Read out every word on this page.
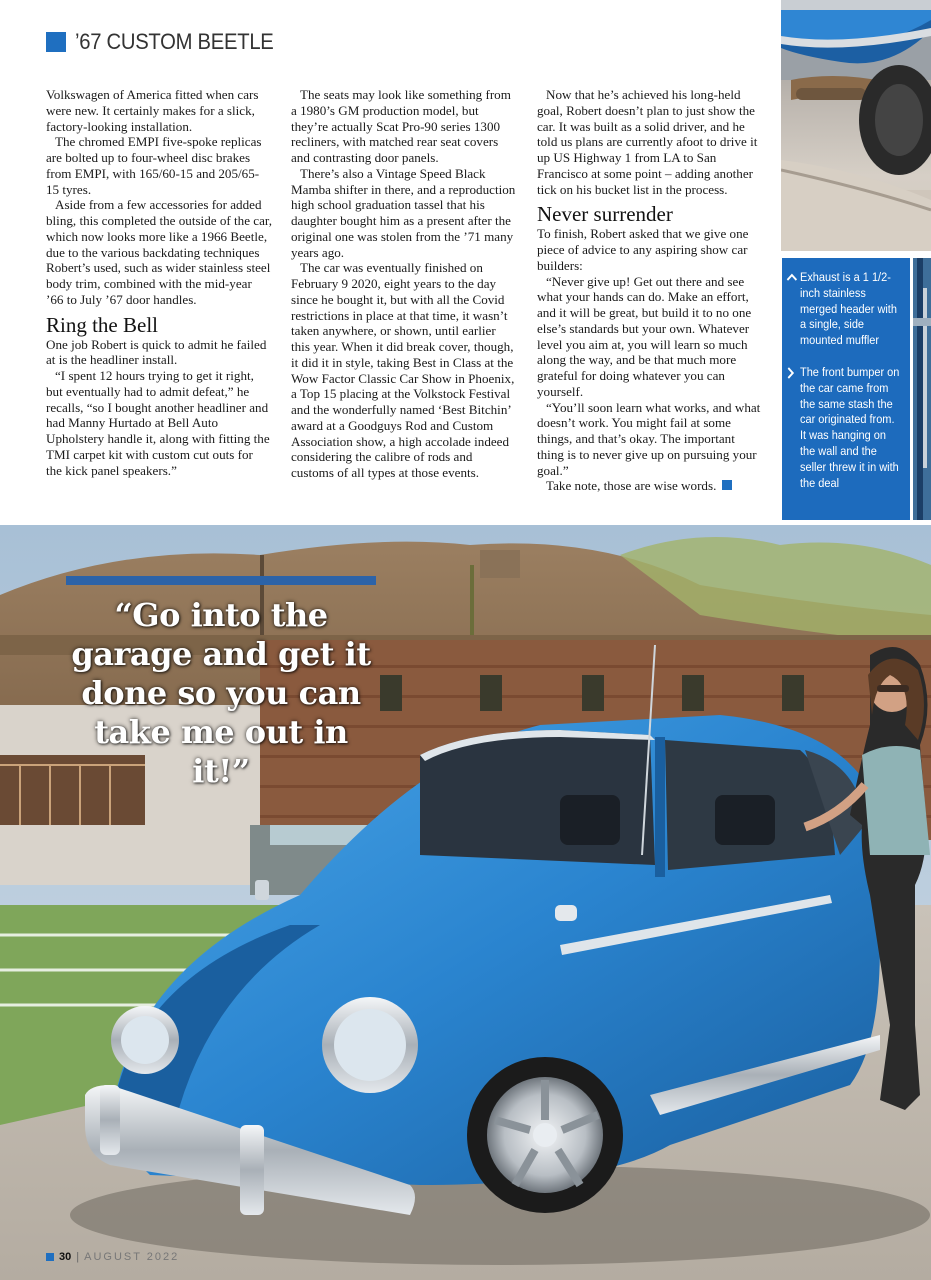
’67 CUSTOM BEETLE

Volkswagen of America fitted when cars were new. It certainly makes for a slick, factory-looking installation.

The chromed EMPI five-spoke replicas are bolted up to four-wheel disc brakes from EMPI, with 165/60-15 and 205/65-15 tyres.

Aside from a few accessories for added bling, this completed the outside of the car, which now looks more like a 1966 Beetle, due to the various backdating techniques Robert’s used, such as wider stainless steel body trim, combined with the mid-year ’66 to July ’67 door handles.

Ring the Bell

One job Robert is quick to admit he failed at is the headliner install.

“I spent 12 hours trying to get it right, but eventually had to admit defeat,” he recalls, “so I bought another headliner and had Manny Hurtado at Bell Auto Upholstery handle it, along with fitting the TMI carpet kit with custom cut outs for the kick panel speakers.”

The seats may look like something from a 1980’s GM production model, but they’re actually Scat Pro-90 series 1300 recliners, with matched rear seat covers and contrasting door panels.

There’s also a Vintage Speed Black Mamba shifter in there, and a reproduction high school graduation tassel that his daughter bought him as a present after the original one was stolen from the ’71 many years ago.

The car was eventually finished on February 9 2020, eight years to the day since he bought it, but with all the Covid restrictions in place at that time, it wasn’t taken anywhere, or shown, until earlier this year. When it did break cover, though, it did it in style, taking Best in Class at the Wow Factor Classic Car Show in Phoenix, a Top 15 placing at the Volkstock Festival and the wonderfully named ‘Best Bitchin’ award at a Goodguys Rod and Custom Association show, a high accolade indeed considering the calibre of rods and customs of all types at those events.

Now that he’s achieved his long-held goal, Robert doesn’t plan to just show the car. It was built as a solid driver, and he told us plans are currently afoot to drive it up US Highway 1 from LA to San Francisco at some point – adding another tick on his bucket list in the process.

Never surrender

To finish, Robert asked that we give one piece of advice to any aspiring show car builders:

“Never give up! Get out there and see what your hands can do. Make an effort, and it will be great, but build it to no one else’s standards but your own. Whatever level you aim at, you will learn so much along the way, and be that much more grateful for doing whatever you can yourself.

“You’ll soon learn what works, and what doesn’t work. You might fail at some things, and that’s okay. The important thing is to never give up on pursuing your goal.”

Take note, those are wise words.

Exhaust is a 1 1/2-inch stainless merged header with a single, side mounted muffler
The front bumper on the car came from the same stash the car originated from. It was hanging on the wall and the seller threw it in with the deal
“Go into the garage and get it done so you can take me out in it!”
30 | AUGUST 2022
